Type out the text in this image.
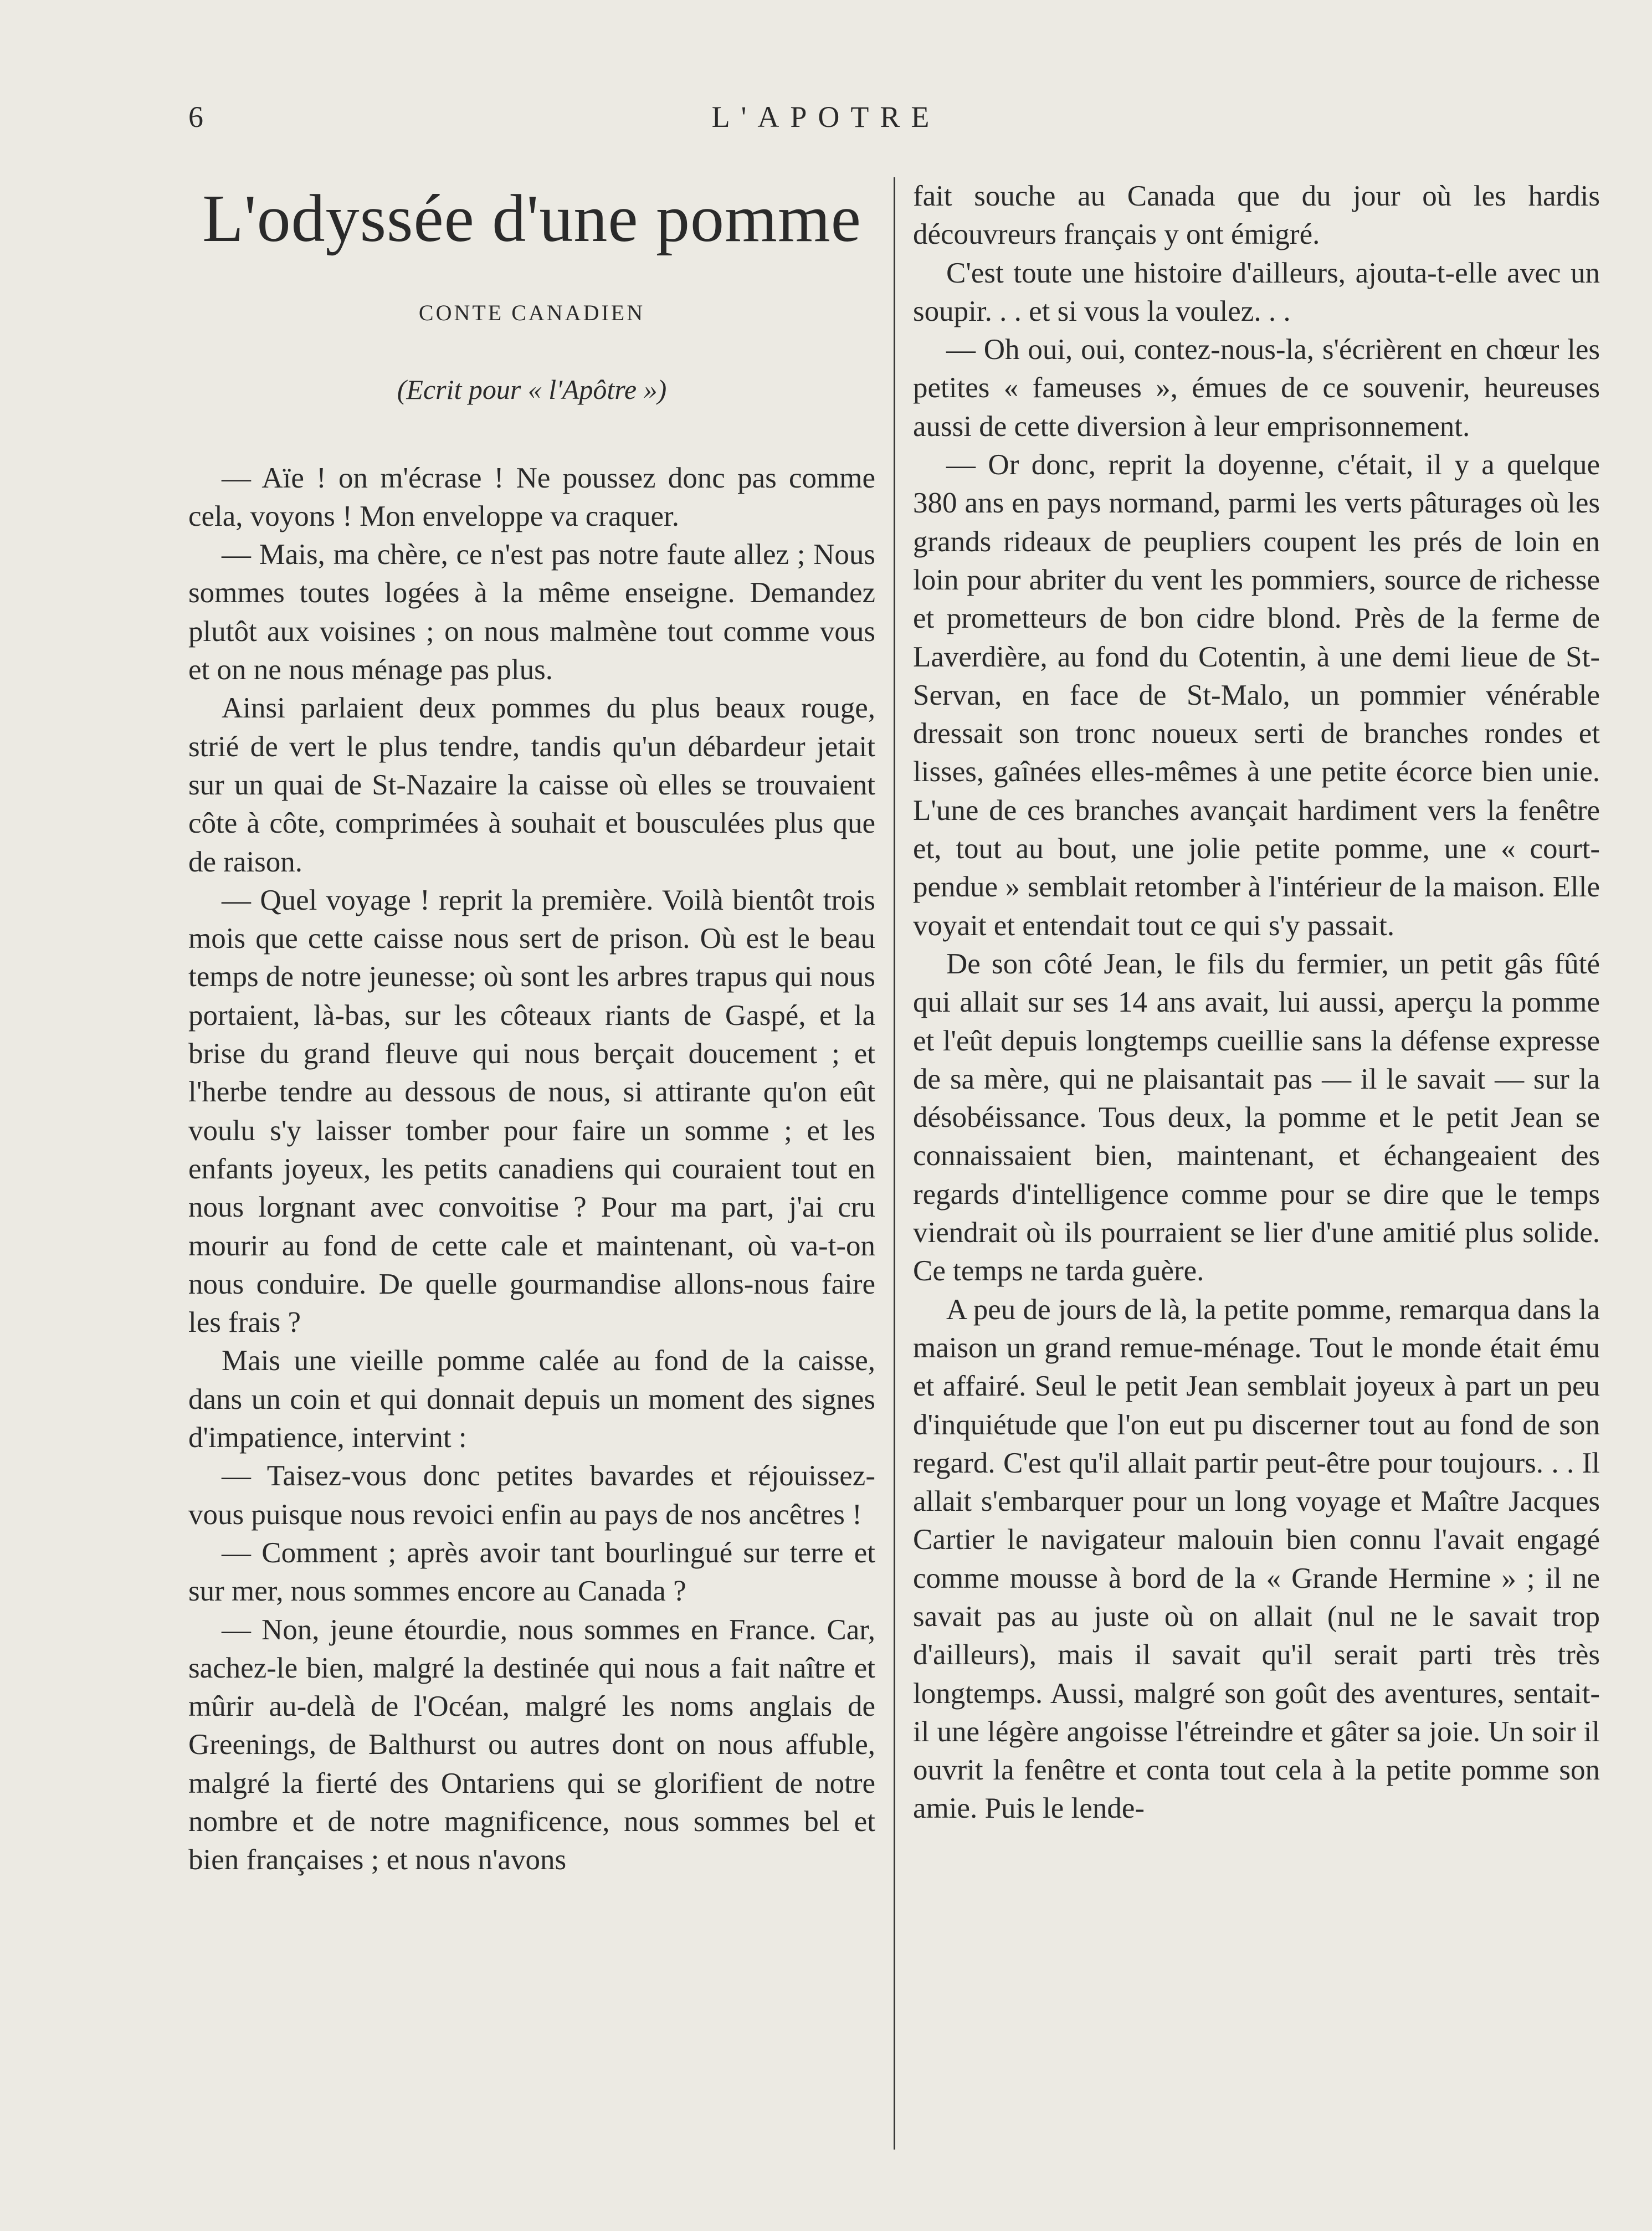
6	L'APOTRE
L'odyssée d'une pomme
CONTE CANADIEN
(Ecrit pour « l'Apôtre »)

— Aïe ! on m'écrase ! Ne poussez donc pas comme cela, voyons ! Mon enveloppe va craquer.

— Mais, ma chère, ce n'est pas notre faute allez ; Nous sommes toutes logées à la même enseigne. Demandez plutôt aux voisines ; on nous malmène tout comme vous et on ne nous ménage pas plus.

Ainsi parlaient deux pommes du plus beaux rouge, strié de vert le plus tendre, tandis qu'un débardeur jetait sur un quai de St-Nazaire la caisse où elles se trouvaient côte à côte, comprimées à souhait et bousculées plus que de raison.

— Quel voyage ! reprit la première. Voilà bientôt trois mois que cette caisse nous sert de prison. Où est le beau temps de notre jeunesse; où sont les arbres trapus qui nous portaient, là-bas, sur les côteaux riants de Gaspé, et la brise du grand fleuve qui nous berçait doucement ; et l'herbe tendre au dessous de nous, si attirante qu'on eût voulu s'y laisser tomber pour faire un somme ; et les enfants joyeux, les petits canadiens qui couraient tout en nous lorgnant avec convoitise ? Pour ma part, j'ai cru mourir au fond de cette cale et maintenant, où va-t-on nous conduire. De quelle gourmandise allons-nous faire les frais ?

Mais une vieille pomme calée au fond de la caisse, dans un coin et qui donnait depuis un moment des signes d'impatience, intervint :

— Taisez-vous donc petites bavardes et réjouissez-vous puisque nous revoici enfin au pays de nos ancêtres !

— Comment ; après avoir tant bourlingué sur terre et sur mer, nous sommes encore au Canada ?

— Non, jeune étourdie, nous sommes en France. Car, sachez-le bien, malgré la destinée qui nous a fait naître et mûrir au-delà de l'Océan, malgré les noms anglais de Greenings, de Balthurst ou autres dont on nous affuble, malgré la fierté des Ontariens qui se glorifient de notre nombre et de notre magnificence, nous sommes bel et bien françaises ; et nous n'avons

fait souche au Canada que du jour où les hardis découvreurs français y ont émigré.

C'est toute une histoire d'ailleurs, ajouta-t-elle avec un soupir. . . et si vous la voulez. . .

— Oh oui, oui, contez-nous-la, s'écrièrent en chœur les petites « fameuses », émues de ce souvenir, heureuses aussi de cette diversion à leur emprisonnement.

— Or donc, reprit la doyenne, c'était, il y a quelque 380 ans en pays normand, parmi les verts pâturages où les grands rideaux de peupliers coupent les prés de loin en loin pour abriter du vent les pommiers, source de richesse et prometteurs de bon cidre blond. Près de la ferme de Laverdière, au fond du Cotentin, à une demi lieue de St-Servan, en face de St-Malo, un pommier vénérable dressait son tronc noueux serti de branches rondes et lisses, gaînées elles-mêmes à une petite écorce bien unie. L'une de ces branches avançait hardiment vers la fenêtre et, tout au bout, une jolie petite pomme, une « court-pendue » semblait retomber à l'intérieur de la maison. Elle voyait et entendait tout ce qui s'y passait.

De son côté Jean, le fils du fermier, un petit gâs fûté qui allait sur ses 14 ans avait, lui aussi, aperçu la pomme et l'eût depuis longtemps cueillie sans la défense expresse de sa mère, qui ne plaisantait pas — il le savait — sur la désobéissance. Tous deux, la pomme et le petit Jean se connaissaient bien, maintenant, et échangeaient des regards d'intelligence comme pour se dire que le temps viendrait où ils pourraient se lier d'une amitié plus solide. Ce temps ne tarda guère.

A peu de jours de là, la petite pomme, remarqua dans la maison un grand remue-ménage. Tout le monde était ému et affairé. Seul le petit Jean semblait joyeux à part un peu d'inquiétude que l'on eut pu discerner tout au fond de son regard. C'est qu'il allait partir peut-être pour toujours. . . Il allait s'embarquer pour un long voyage et Maître Jacques Cartier le navigateur malouin bien connu l'avait engagé comme mousse à bord de la « Grande Hermine » ; il ne savait pas au juste où on allait (nul ne le savait trop d'ailleurs), mais il savait qu'il serait parti très très longtemps. Aussi, malgré son goût des aventures, sentait-il une légère angoisse l'étreindre et gâter sa joie. Un soir il ouvrit la fenêtre et conta tout cela à la petite pomme son amie. Puis le lende-
